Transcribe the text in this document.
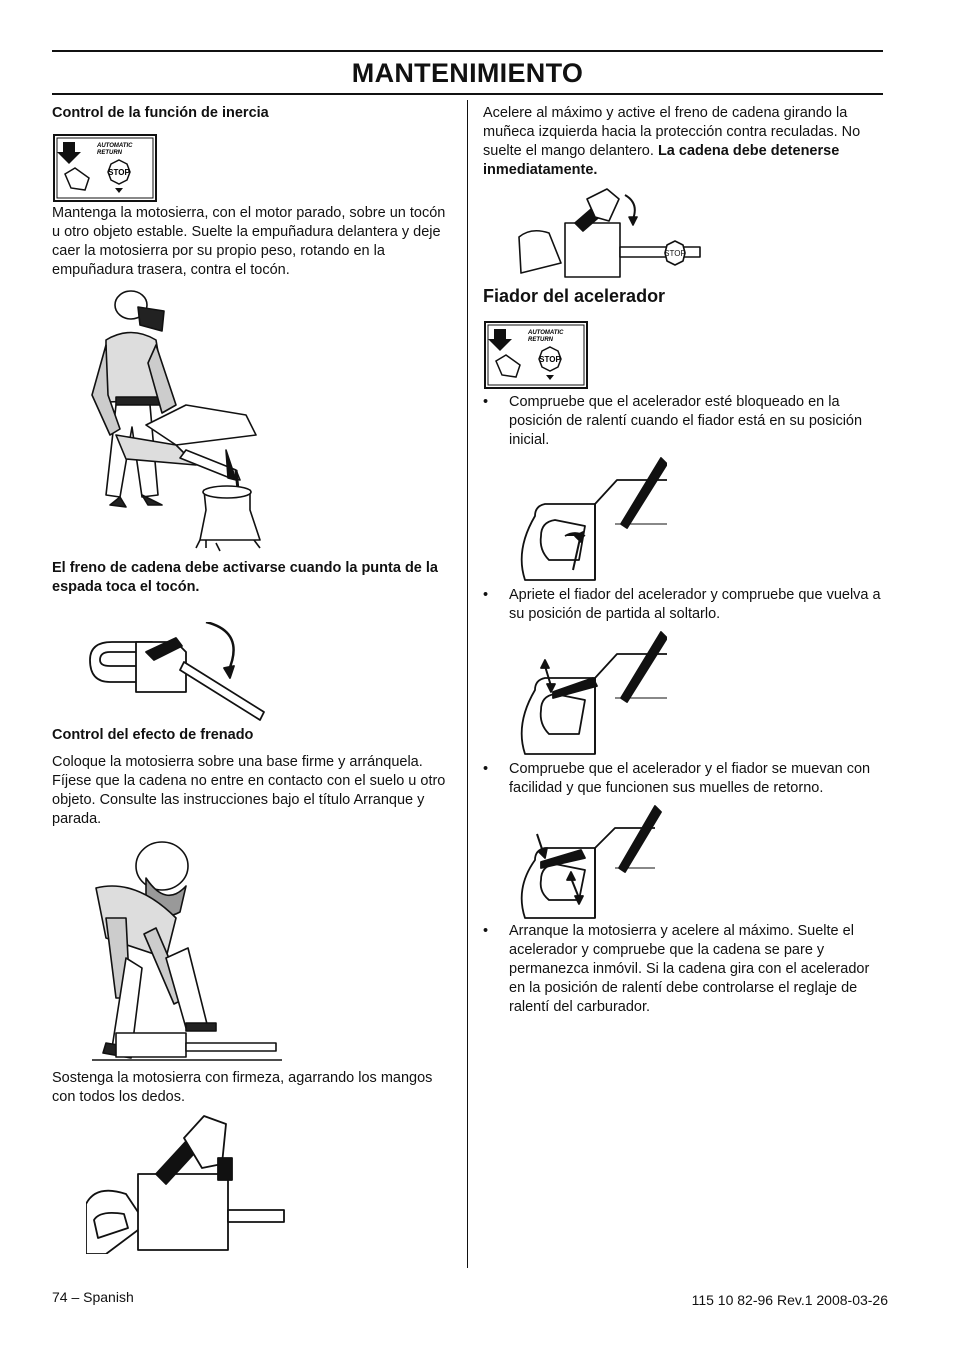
MANTENIMIENTO

Control de la función de inercia

AUTOMATIC
RETURN
STOP

Mantenga la motosierra, con el motor parado, sobre un tocón u otro objeto estable. Suelte la empuñadura delantera y deje caer la motosierra por su propio peso, rotando en la empuñadura trasera, contra el tocón.

El freno de cadena debe activarse cuando la punta de la espada toca el tocón.

Control del efecto de frenado

Coloque la motosierra sobre una base firme y arránquela. Fíjese que la cadena no entre en contacto con el suelo u otro objeto. Consulte las instrucciones bajo el título Arranque y parada.

Sostenga la motosierra con firmeza, agarrando los mangos con todos los dedos.

Acelere al máximo y active el freno de cadena girando la muñeca izquierda hacia la protección contra reculadas. No suelte el mango delantero. La cadena debe detenerse inmediatamente.

STOP

Fiador del acelerador

AUTOMATIC
RETURN
STOP
• Compruebe que el acelerador esté bloqueado en la posición de ralentí cuando el fiador está en su posición inicial.
• Apriete el fiador del acelerador y compruebe que vuelva a su posición de partida al soltarlo.
• Compruebe que el acelerador y el fiador se muevan con facilidad y que funcionen sus muelles de retorno.
• Arranque la motosierra y acelere al máximo. Suelte el acelerador y compruebe que la cadena se pare y permanezca inmóvil. Si la cadena gira con el acelerador en la posición de ralentí debe controlarse el reglaje de ralentí del carburador.
74 – Spanish	115 10 82-96 Rev.1 2008-03-26
